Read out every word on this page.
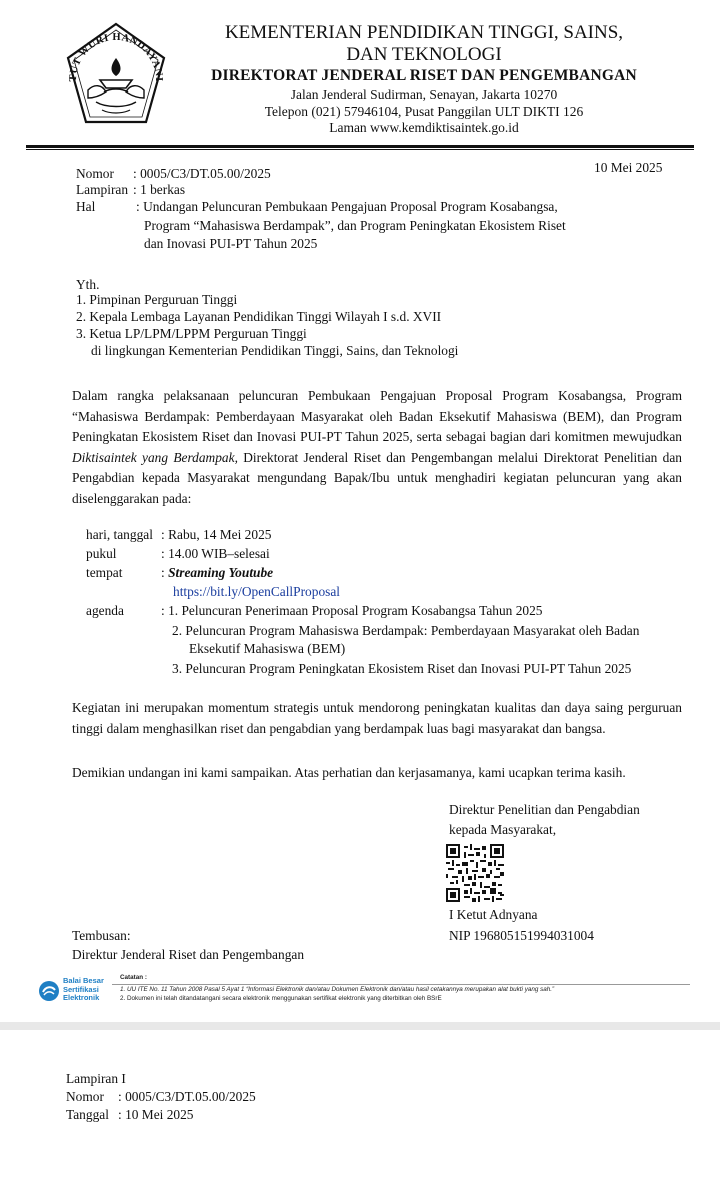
TUT WURI HANDAYANI
KEMENTERIAN PENDIDIKAN TINGGI, SAINS,
DAN TEKNOLOGI
DIREKTORAT JENDERAL RISET DAN PENGEMBANGAN
Jalan Jenderal Sudirman, Senayan, Jakarta 10270
Telepon (021) 57946104, Pusat Panggilan ULT DIKTI 126
Laman www.kemdiktisaintek.go.id
Nomor : 0005/C3/DT.05.00/2025	10 Mei 2025
Lampiran : 1 berkas
Hal	: Undangan Peluncuran Pembukaan Pengajuan Proposal Program Kosabangsa,
Program “Mahasiswa Berdampak”, dan Program Peningkatan Ekosistem Riset
dan Inovasi PUI-PT Tahun 2025
Yth.
1. Pimpinan Perguruan Tinggi
2. Kepala Lembaga Layanan Pendidikan Tinggi Wilayah I s.d. XVII
3. Ketua LP/LPM/LPPM Perguruan Tinggi
di lingkungan Kementerian Pendidikan Tinggi, Sains, dan Teknologi
Dalam rangka pelaksanaan peluncuran Pembukaan Pengajuan Proposal Program Kosabangsa, Program “Mahasiswa Berdampak: Pemberdayaan Masyarakat oleh Badan Eksekutif Mahasiswa (BEM), dan Program Peningkatan Ekosistem Riset dan Inovasi PUI-PT Tahun 2025, serta sebagai bagian dari komitmen mewujudkan Diktisaintek yang Berdampak, Direktorat Jenderal Riset dan Pengembangan melalui Direktorat Penelitian dan Pengabdian kepada Masyarakat mengundang Bapak/Ibu untuk menghadiri kegiatan peluncuran yang akan diselenggarakan pada:
hari, tanggal : Rabu, 14 Mei 2025
pukul	: 14.00 WIB–selesai
tempat	: Streaming Youtube
https://bit.ly/OpenCallProposal
agenda	: 1. Peluncuran Penerimaan Proposal Program Kosabangsa Tahun 2025
2. Peluncuran Program Mahasiswa Berdampak: Pemberdayaan Masyarakat oleh Badan
Eksekutif Mahasiswa (BEM)
3. Peluncuran Program Peningkatan Ekosistem Riset dan Inovasi PUI-PT Tahun 2025
Kegiatan ini merupakan momentum strategis untuk mendorong peningkatan kualitas dan daya saing perguruan tinggi dalam menghasilkan riset dan pengabdian yang berdampak luas bagi masyarakat dan bangsa.
Demikian undangan ini kami sampaikan. Atas perhatian dan kerjasamanya, kami ucapkan terima kasih.
Direktur Penelitian dan Pengabdian
kepada Masyarakat,
I Ketut Adnyana
NIP 196805151994031004
Tembusan:
Direktur Jenderal Riset dan Pengembangan
Balai Besar
Sertifikasi
Elektronik
Catatan :
1. UU ITE No. 11 Tahun 2008 Pasal 5 Ayat 1 “Informasi Elektronik dan/atau Dokumen Elektronik dan/atau hasil cetakannya merupakan alat bukti yang sah.”
2. Dokumen ini telah ditandatangani secara elektronik menggunakan sertifikat elektronik yang diterbitkan oleh BSrE
Lampiran I
Nomor : 0005/C3/DT.05.00/2025
Tanggal : 10 Mei 2025
